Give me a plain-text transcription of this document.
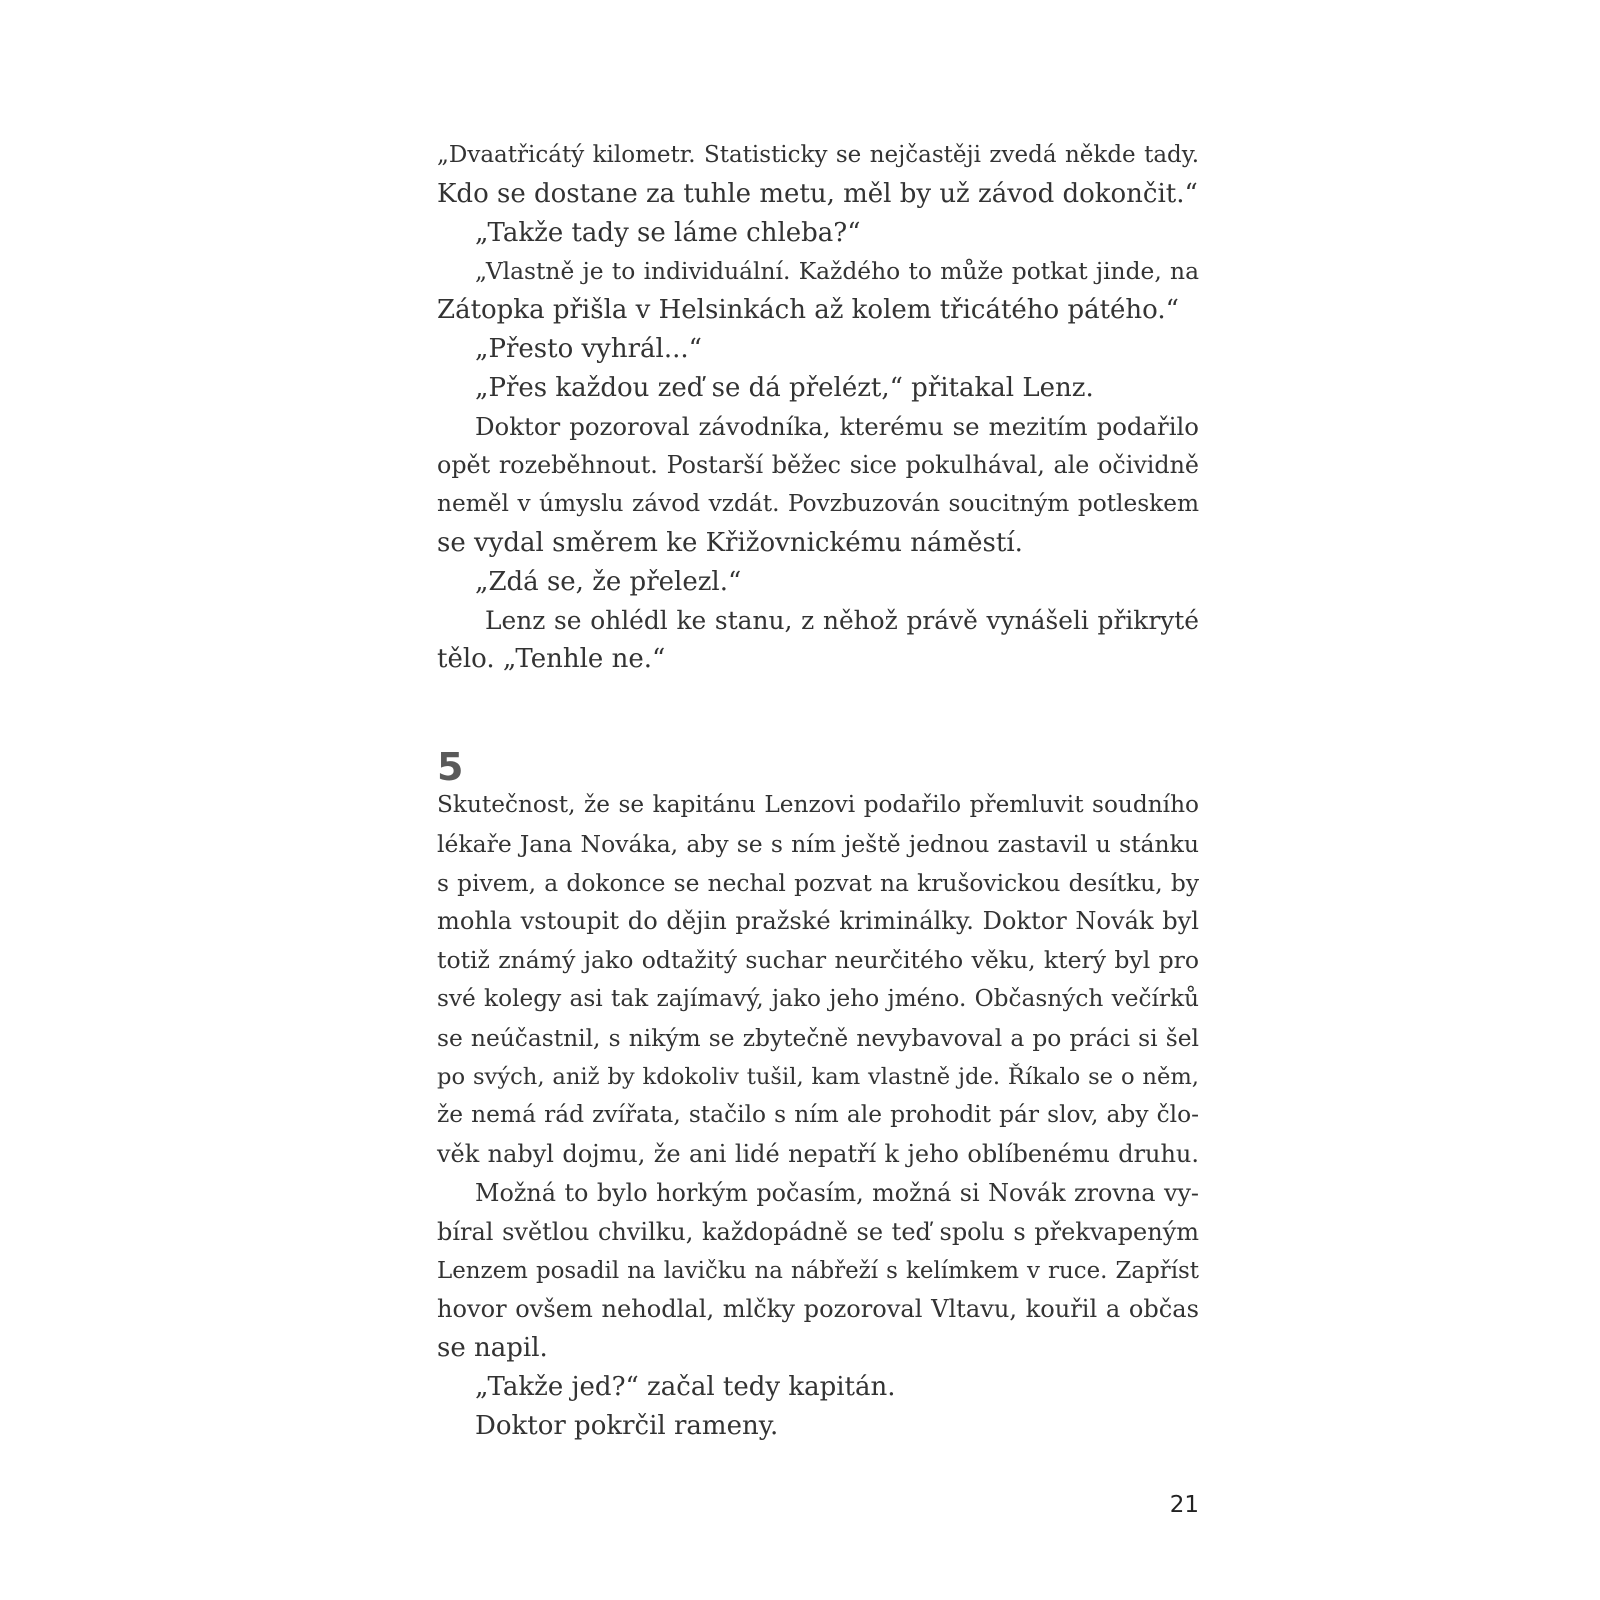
„Dvaatřicátý kilometr. Statisticky se nejčastěji zvedá někde tady.
Kdo se dostane za tuhle metu, měl by už závod dokončit.“
„Takže tady se láme chleba?“
„Vlastně je to individuální. Každého to může potkat jinde, na
Zátopka přišla v Helsinkách až kolem třicátého pátého.“
„Přesto vyhrál...“
„Přes každou zeď se dá přelézt,“ přitakal Lenz.
Doktor pozoroval závodníka, kterému se mezitím podařilo
opět rozeběhnout. Postarší běžec sice pokulhával, ale očividně
neměl v úmyslu závod vzdát. Povzbuzován soucitným potleskem
se vydal směrem ke Křižovnickému náměstí.
„Zdá se, že přelezl.“
Lenz se ohlédl ke stanu, z něhož právě vynášeli přikryté
tělo. „Tenhle ne.“
5
Skutečnost, že se kapitánu Lenzovi podařilo přemluvit soudního
lékaře Jana Nováka, aby se s ním ještě jednou zastavil u stánku
s pivem, a dokonce se nechal pozvat na krušovickou desítku, by
mohla vstoupit do dějin pražské kriminálky. Doktor Novák byl
totiž známý jako odtažitý suchar neurčitého věku, který byl pro
své kolegy asi tak zajímavý, jako jeho jméno. Občasných večírků
se neúčastnil, s nikým se zbytečně nevybavoval a po práci si šel
po svých, aniž by kdokoliv tušil, kam vlastně jde. Říkalo se o něm,
že nemá rád zvířata, stačilo s ním ale prohodit pár slov, aby člo-
věk nabyl dojmu, že ani lidé nepatří k jeho oblíbenému druhu.
Možná to bylo horkým počasím, možná si Novák zrovna vy-
bíral světlou chvilku, každopádně se teď spolu s překvapeným
Lenzem posadil na lavičku na nábřeží s kelímkem v ruce. Zapříst
hovor ovšem nehodlal, mlčky pozoroval Vltavu, kouřil a občas
se napil.
„Takže jed?“ začal tedy kapitán.
Doktor pokrčil rameny.
21
